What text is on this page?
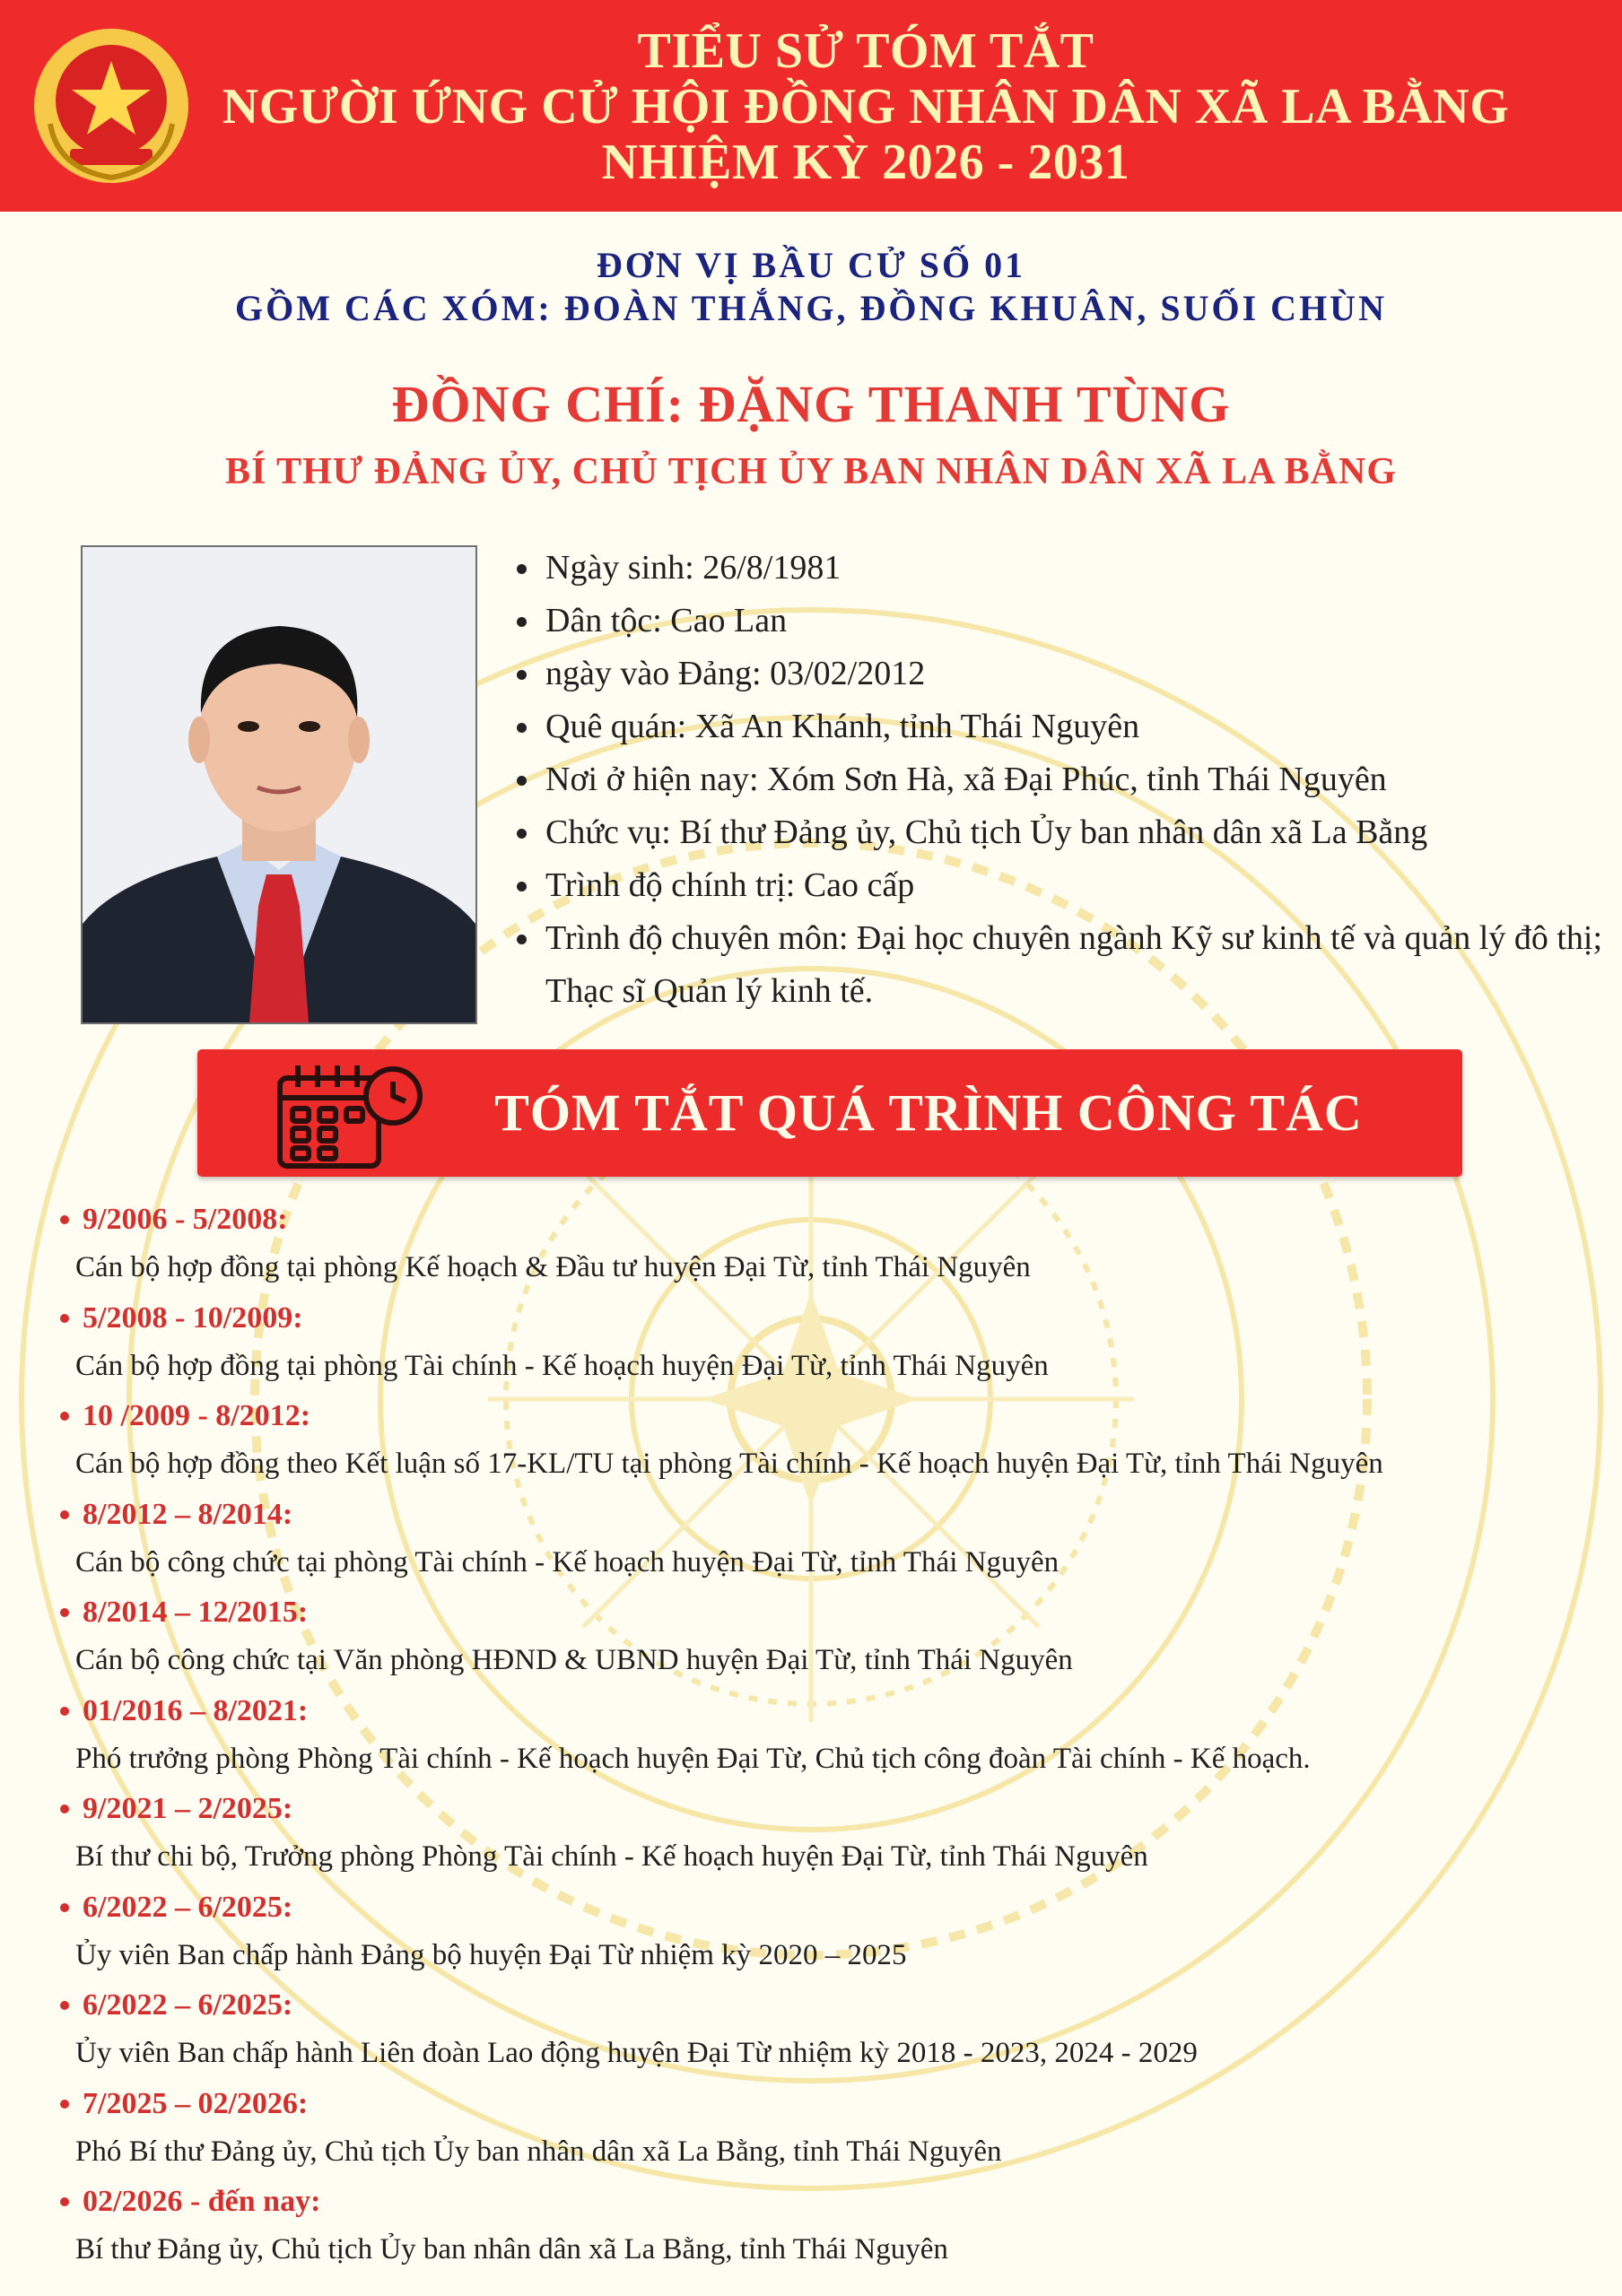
TIỂU SỬ TÓM TẮT
NGƯỜI ỨNG CỬ HỘI ĐỒNG NHÂN DÂN XÃ LA BẰNG
NHIỆM KỲ 2026 - 2031
ĐƠN VỊ BẦU CỬ SỐ 01
GỒM CÁC XÓM: ĐOÀN THẮNG, ĐỒNG KHUÂN, SUỐI CHÙN
ĐỒNG CHÍ: ĐẶNG THANH TÙNG
BÍ THƯ ĐẢNG ỦY, CHỦ TỊCH ỦY BAN NHÂN DÂN XÃ LA BẰNG
Ngày sinh: 26/8/1981
Dân tộc: Cao Lan
ngày vào Đảng: 03/02/2012
Quê quán: Xã An Khánh, tỉnh Thái Nguyên
Nơi ở hiện nay: Xóm Sơn Hà, xã Đại Phúc, tỉnh Thái Nguyên
Chức vụ: Bí thư Đảng ủy, Chủ tịch Ủy ban nhân dân xã La Bằng
Trình độ chính trị: Cao cấp
Trình độ chuyên môn: Đại học chuyên ngành Kỹ sư kinh tế và quản lý đô thị; Thạc sĩ Quản lý kinh tế.
TÓM TẮT QUÁ TRÌNH CÔNG TÁC
9/2006 - 5/2008:
Cán bộ hợp đồng tại phòng Kế hoạch & Đầu tư huyện Đại Từ, tỉnh Thái Nguyên
5/2008 - 10/2009:
Cán bộ hợp đồng tại phòng Tài chính - Kế hoạch huyện Đại Từ, tỉnh Thái Nguyên
10 /2009 - 8/2012:
Cán bộ hợp đồng theo Kết luận số 17-KL/TU tại phòng Tài chính - Kế hoạch huyện Đại Từ, tỉnh Thái Nguyên
8/2012 – 8/2014:
Cán bộ công chức tại phòng Tài chính - Kế hoạch huyện Đại Từ, tỉnh Thái Nguyên
8/2014 – 12/2015:
Cán bộ công chức tại Văn phòng HĐND & UBND huyện Đại Từ, tỉnh Thái Nguyên
01/2016 – 8/2021:
Phó trưởng phòng Phòng Tài chính - Kế hoạch huyện Đại Từ, Chủ tịch công đoàn Tài chính - Kế hoạch.
9/2021 – 2/2025:
Bí thư chi bộ, Trưởng phòng Phòng Tài chính - Kế hoạch huyện Đại Từ, tỉnh Thái Nguyên
6/2022 – 6/2025:
Ủy viên Ban chấp hành Đảng bộ huyện Đại Từ nhiệm kỳ 2020 – 2025
6/2022 – 6/2025:
Ủy viên Ban chấp hành Liên đoàn Lao động huyện Đại Từ nhiệm kỳ 2018 - 2023, 2024 - 2029
7/2025 – 02/2026:
Phó Bí thư Đảng ủy, Chủ tịch Ủy ban nhân dân xã La Bằng, tỉnh Thái Nguyên
02/2026 - đến nay:
Bí thư Đảng ủy, Chủ tịch Ủy ban nhân dân xã La Bằng, tỉnh Thái Nguyên
